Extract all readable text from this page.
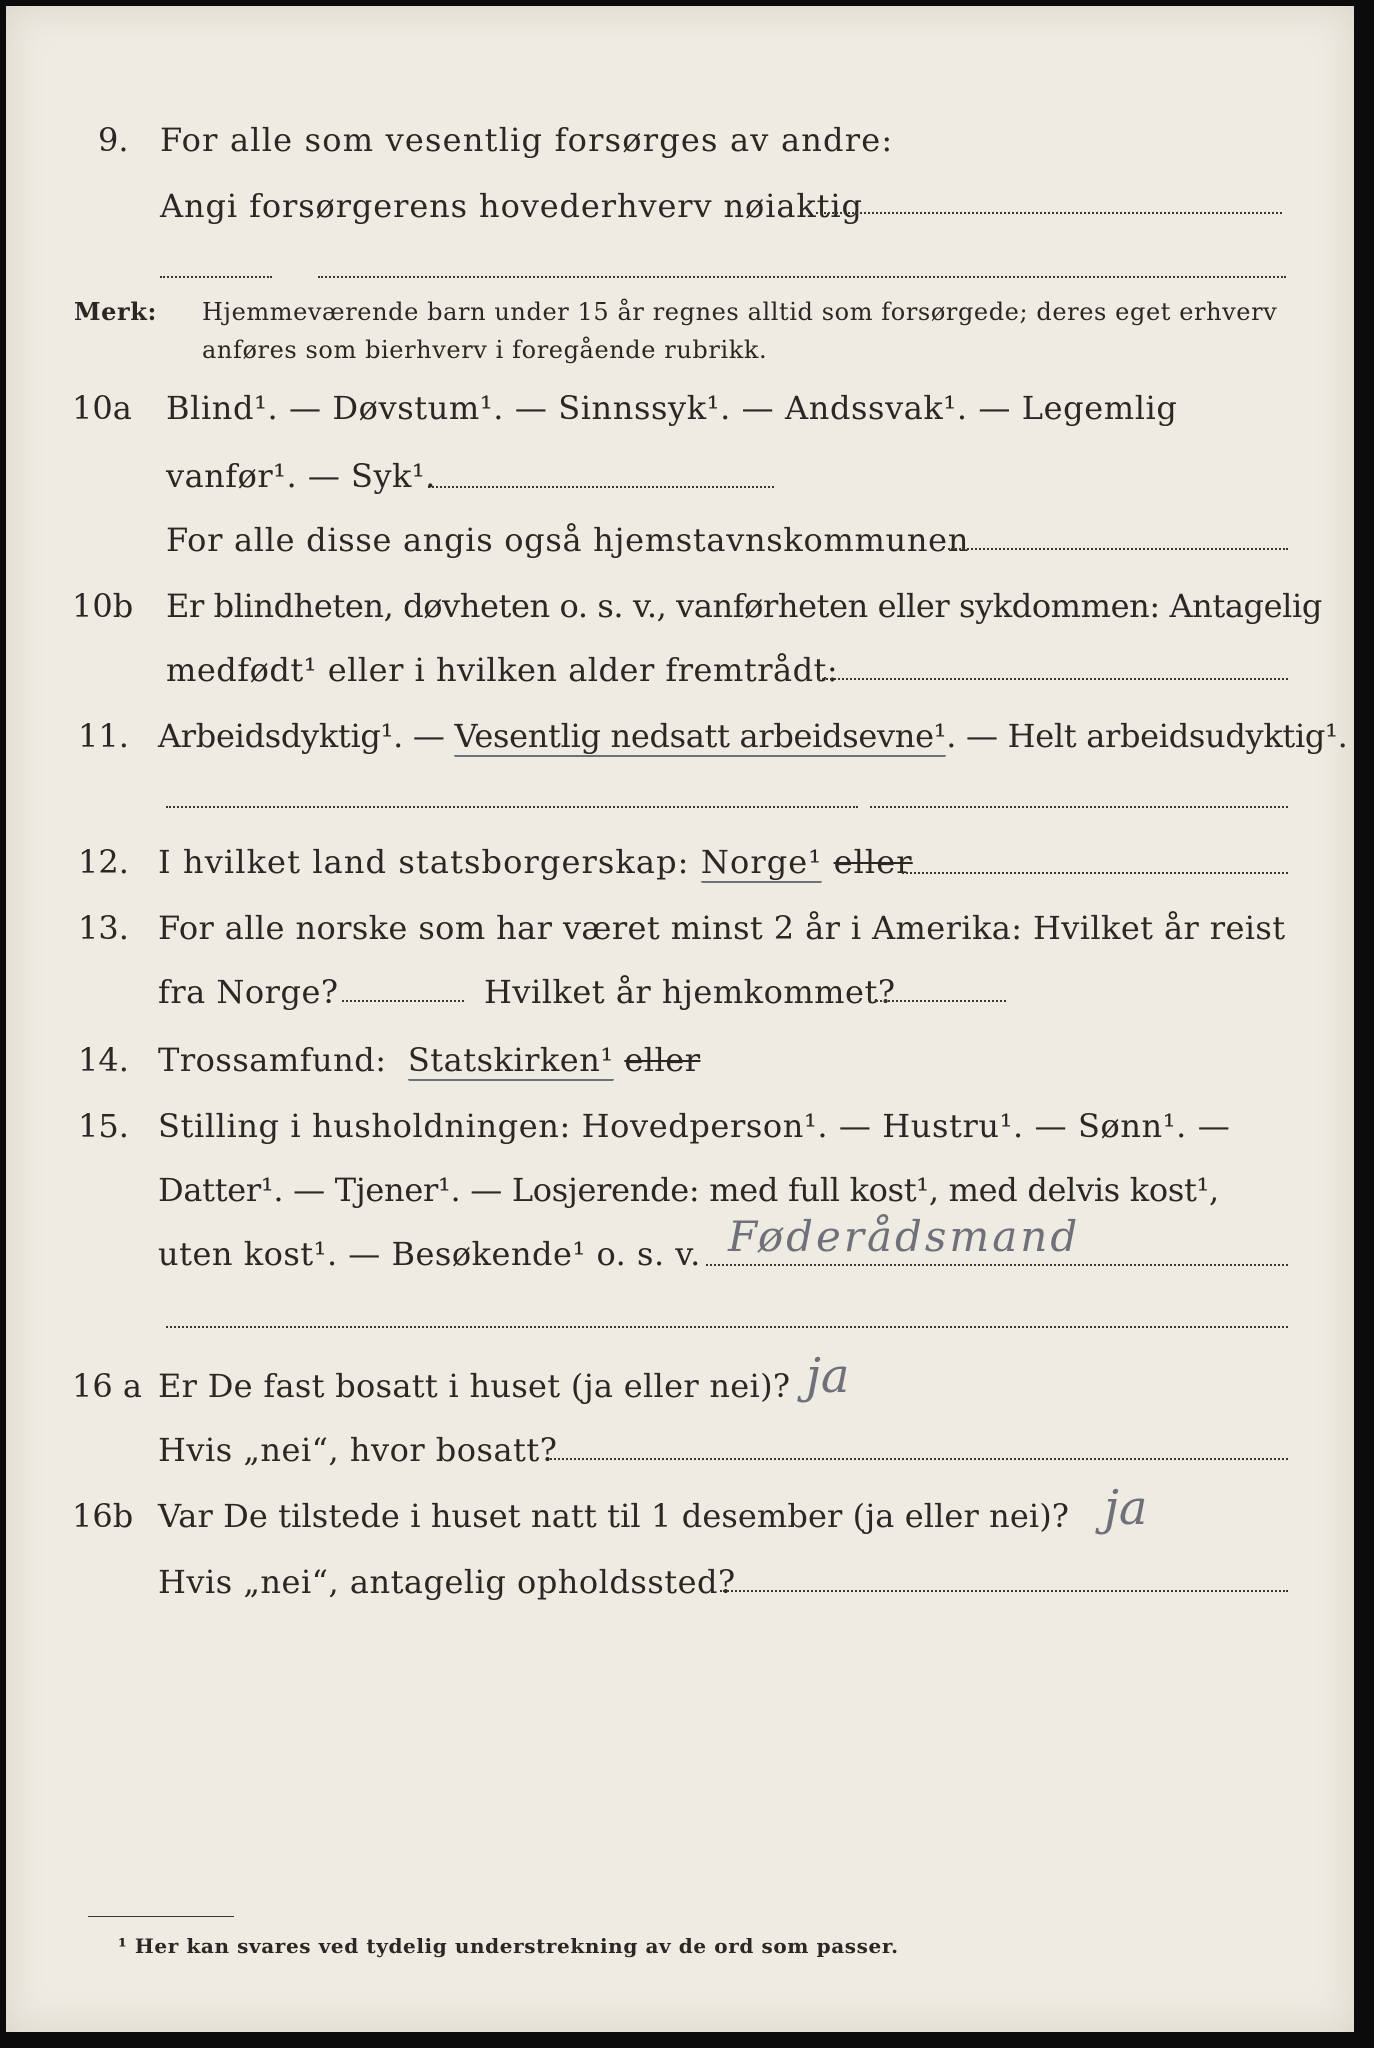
9. For alle som vesentlig forsørges av andre:
Angi forsørgerens hovederhverv nøiaktig
Merk: Hjemmeværende barn under 15 år regnes alltid som forsørgede; deres eget erhverv
anføres som bierhverv i foregående rubrikk.
10a Blind¹. — Døvstum¹. — Sinnssyk¹. — Andssvak¹. — Legemlig
vanfør¹. — Syk¹.
For alle disse angis også hjemstavnskommunen
10b Er blindheten, døvheten o. s. v., vanførheten eller sykdommen: Antagelig
medfødt¹ eller i hvilken alder fremtrådt:
11. Arbeidsdyktig¹. — Vesentlig nedsatt arbeidsevne¹. — Helt arbeidsudyktig¹.
12. I hvilket land statsborgerskap: Norge¹ eller
13. For alle norske som har været minst 2 år i Amerika: Hvilket år reist
fra Norge?	Hvilket år hjemkommet?
14. Trossamfund: Statskirken¹ eller
15. Stilling i husholdningen: Hovedperson¹. — Hustru¹. — Sønn¹. —
Datter¹. — Tjener¹. — Losjerende: med full kost¹, med delvis kost¹,
uten kost¹. — Besøkende¹ o. s. v. Føderådsmand
16 a Er De fast bosatt i huset (ja eller nei)? ja
Hvis „nei“, hvor bosatt?
16b Var De tilstede i huset natt til 1 desember (ja eller nei)? ja
Hvis „nei“, antagelig opholdssted?
¹ Her kan svares ved tydelig understrekning av de ord som passer.
